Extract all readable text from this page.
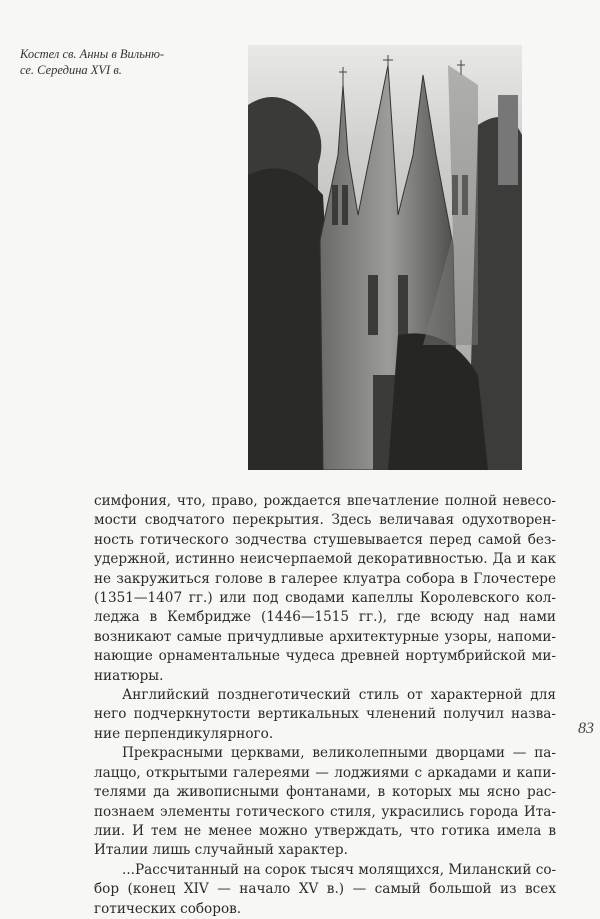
Костел св. Анны в Вильню-
се. Середина XVI в.
симфония, что, право, рождается впечатление полной невесо-
мости сводчатого перекрытия. Здесь величавая одухотворен-
ность готического зодчества стушевывается перед самой без-
удержной, истинно неисчерпаемой декоративностью. Да и как
не закружиться голове в галерее клуатра собора в Глочестере
(1351—1407 гг.) или под сводами капеллы Королевского кол-
леджа в Кембридже (1446—1515 гг.), где всюду над нами
возникают самые причудливые архитектурные узоры, напоми-
нающие орнаментальные чудеса древней нортумбрийской ми-
ниатюры.
Английский позднеготический стиль от характерной для
него подчеркнутости вертикальных членений получил назва-
ние перпендикулярного.
Прекрасными церквами, великолепными дворцами — па-
лаццо, открытыми галереями — лоджиями с аркадами и капи-
телями да живописными фонтанами, в которых мы ясно рас-
познаем элементы готического стиля, украсились города Ита-
лии. И тем не менее можно утверждать, что готика имела в
Италии лишь случайный характер.
...Рассчитанный на сорок тысяч молящихся, Миланский со-
бор (конец XIV — начало XV в.) — самый большой из всех
готических соборов.
83
